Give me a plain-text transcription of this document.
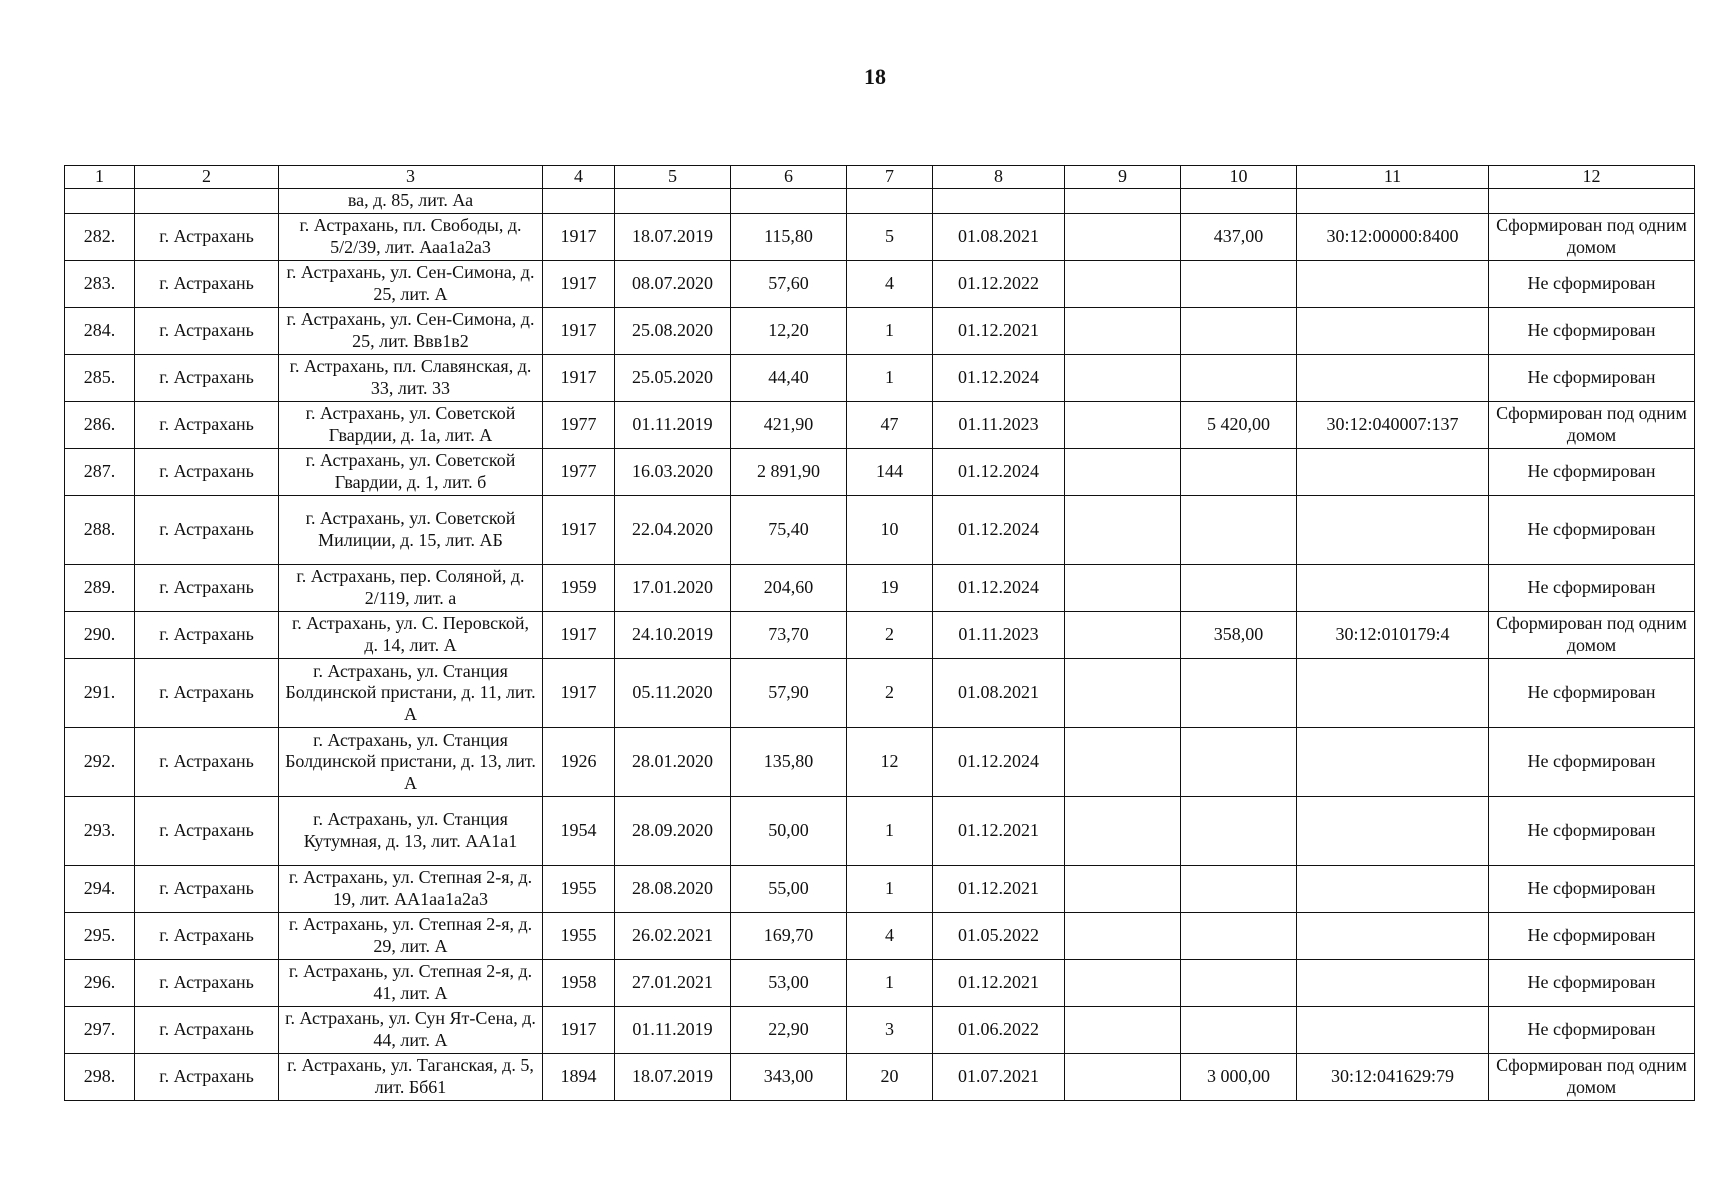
18
1	2	3	4	5	6	7	8	9	10	11	12
		ва, д. 85, лит. Аа									
282.	г. Астрахань	г. Астрахань, пл. Свободы, д. 5/2/39, лит. Ааа1а2а3	1917	18.07.2019	115,80	5	01.08.2021		437,00	30:12:00000:8400	Сформирован под одним домом
283.	г. Астрахань	г. Астрахань, ул. Сен-Симона, д. 25, лит. А	1917	08.07.2020	57,60	4	01.12.2022				Не сформирован
284.	г. Астрахань	г. Астрахань, ул. Сен-Симона, д. 25, лит. Ввв1в2	1917	25.08.2020	12,20	1	01.12.2021				Не сформирован
285.	г. Астрахань	г. Астрахань, пл. Славянская, д. 33, лит. 33	1917	25.05.2020	44,40	1	01.12.2024				Не сформирован
286.	г. Астрахань	г. Астрахань, ул. Советской Гвардии, д. 1а, лит. А	1977	01.11.2019	421,90	47	01.11.2023		5 420,00	30:12:040007:137	Сформирован под одним домом
287.	г. Астрахань	г. Астрахань, ул. Советской Гвардии, д. 1, лит. б	1977	16.03.2020	2 891,90	144	01.12.2024				Не сформирован
288.	г. Астрахань	г. Астрахань, ул. Советской Милиции, д. 15, лит. АБ	1917	22.04.2020	75,40	10	01.12.2024				Не сформирован
289.	г. Астрахань	г. Астрахань, пер. Соляной, д. 2/119, лит. а	1959	17.01.2020	204,60	19	01.12.2024				Не сформирован
290.	г. Астрахань	г. Астрахань, ул. С. Перовской, д. 14, лит. А	1917	24.10.2019	73,70	2	01.11.2023		358,00	30:12:010179:4	Сформирован под одним домом
291.	г. Астрахань	г. Астрахань, ул. Станция Болдинской пристани, д. 11, лит. А	1917	05.11.2020	57,90	2	01.08.2021				Не сформирован
292.	г. Астрахань	г. Астрахань, ул. Станция Болдинской пристани, д. 13, лит. А	1926	28.01.2020	135,80	12	01.12.2024				Не сформирован
293.	г. Астрахань	г. Астрахань, ул. Станция Кутумная, д. 13, лит. АА1а1	1954	28.09.2020	50,00	1	01.12.2021				Не сформирован
294.	г. Астрахань	г. Астрахань, ул. Степная 2-я, д. 19, лит. АА1аа1а2а3	1955	28.08.2020	55,00	1	01.12.2021				Не сформирован
295.	г. Астрахань	г. Астрахань, ул. Степная 2-я, д. 29, лит. А	1955	26.02.2021	169,70	4	01.05.2022				Не сформирован
296.	г. Астрахань	г. Астрахань, ул. Степная 2-я, д. 41, лит. А	1958	27.01.2021	53,00	1	01.12.2021				Не сформирован
297.	г. Астрахань	г. Астрахань, ул. Сун Ят-Сена, д. 44, лит. А	1917	01.11.2019	22,90	3	01.06.2022				Не сформирован
298.	г. Астрахань	г. Астрахань, ул. Таганская, д. 5, лит. Бб61	1894	18.07.2019	343,00	20	01.07.2021		3 000,00	30:12:041629:79	Сформирован под одним домом
